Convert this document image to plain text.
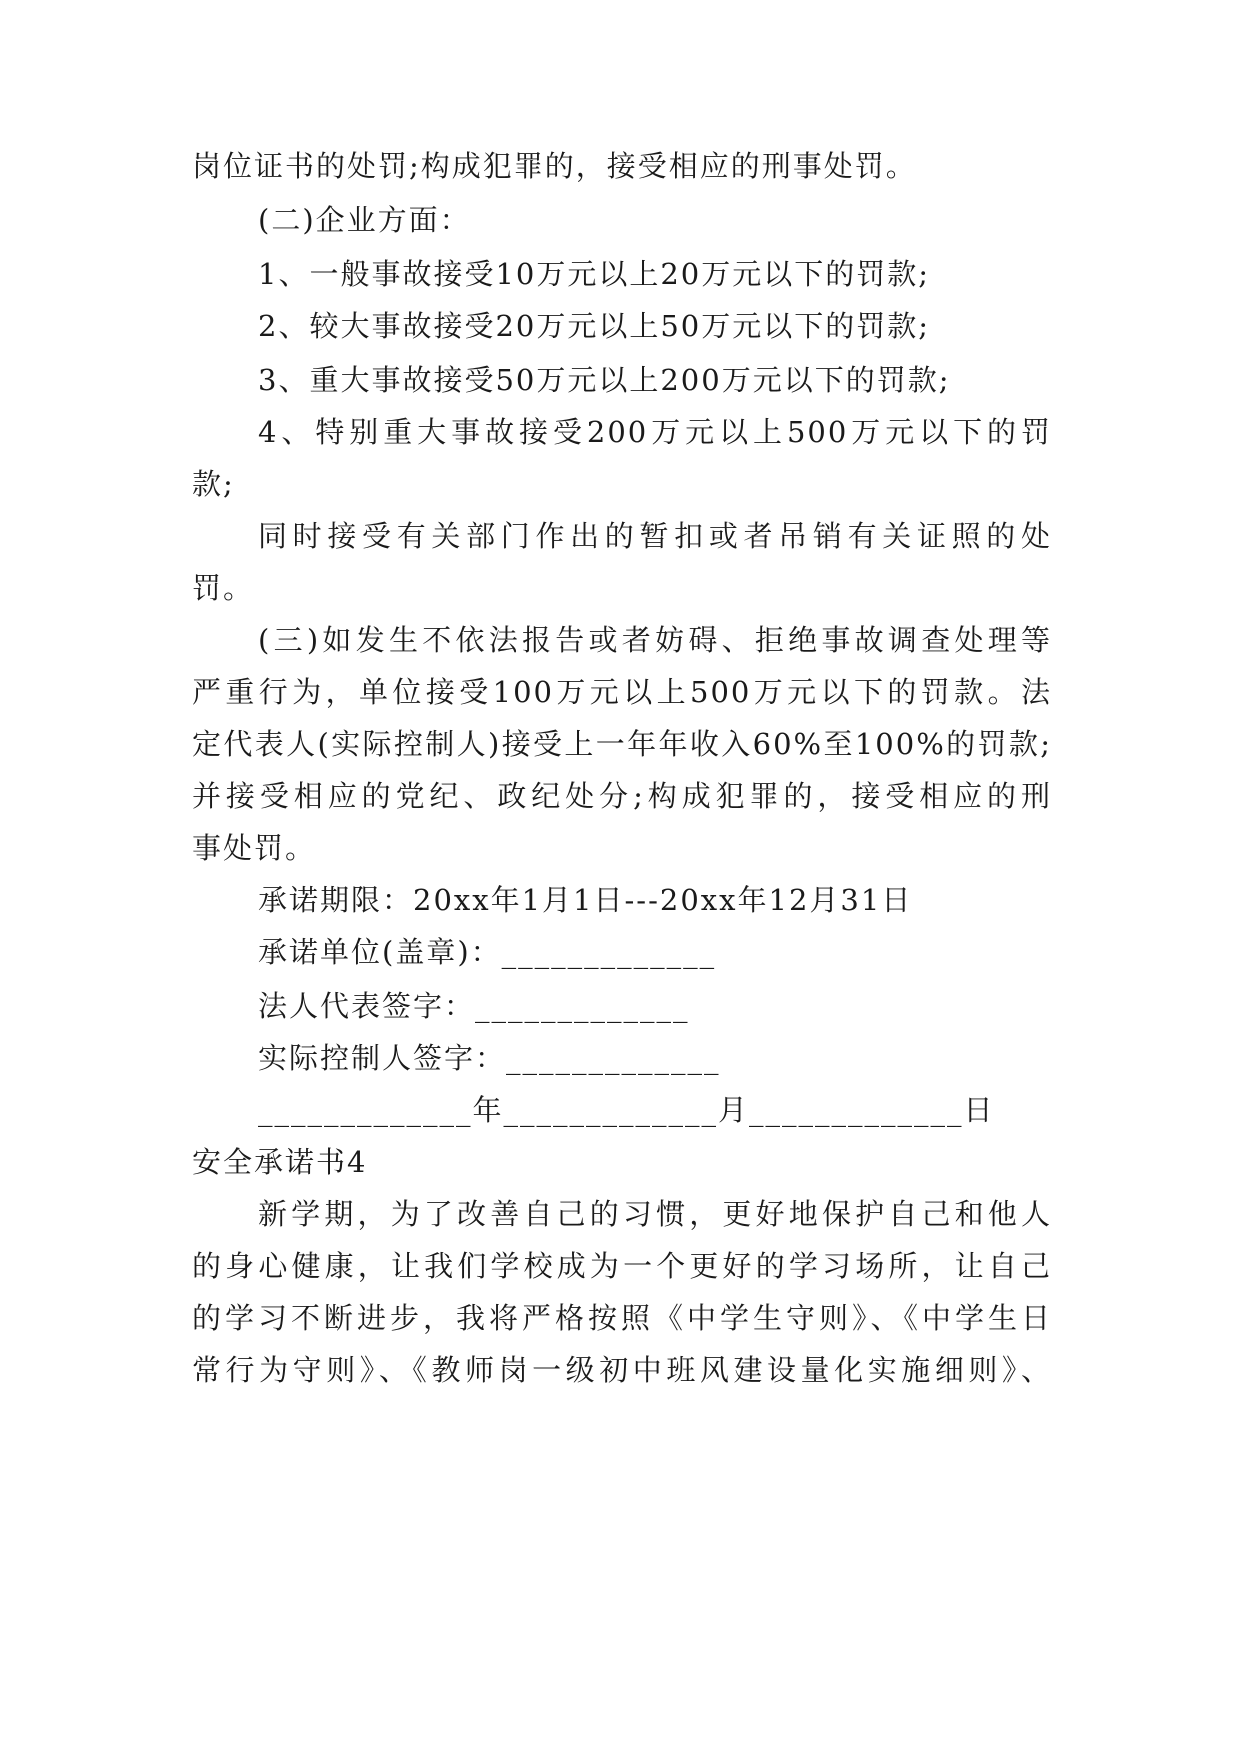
岗位证书的处罚;构成犯罪的，接受相应的刑事处罚。
(二)企业方面：
1、一般事故接受10万元以上20万元以下的罚款;
2、较大事故接受20万元以上50万元以下的罚款;
3、重大事故接受50万元以上200万元以下的罚款;
4、特别重大事故接受200万元以上500万元以下的罚
款;
同时接受有关部门作出的暂扣或者吊销有关证照的处
罚。
(三)如发生不依法报告或者妨碍、拒绝事故调查处理等
严重行为，单位接受100万元以上500万元以下的罚款。法
定代表人(实际控制人)接受上一年年收入60%至100%的罚款;
并接受相应的党纪、政纪处分;构成犯罪的，接受相应的刑
事处罚。
承诺期限：20xx年1月1日---20xx年12月31日
承诺单位(盖章)：_____________
法人代表签字：_____________
实际控制人签字：_____________
_____________年_____________月_____________日
安全承诺书4
新学期，为了改善自己的习惯，更好地保护自己和他人
的身心健康，让我们学校成为一个更好的学习场所，让自己
的学习不断进步，我将严格按照《中学生守则》、《中学生日
常行为守则》、《教师岗一级初中班风建设量化实施细则》、
